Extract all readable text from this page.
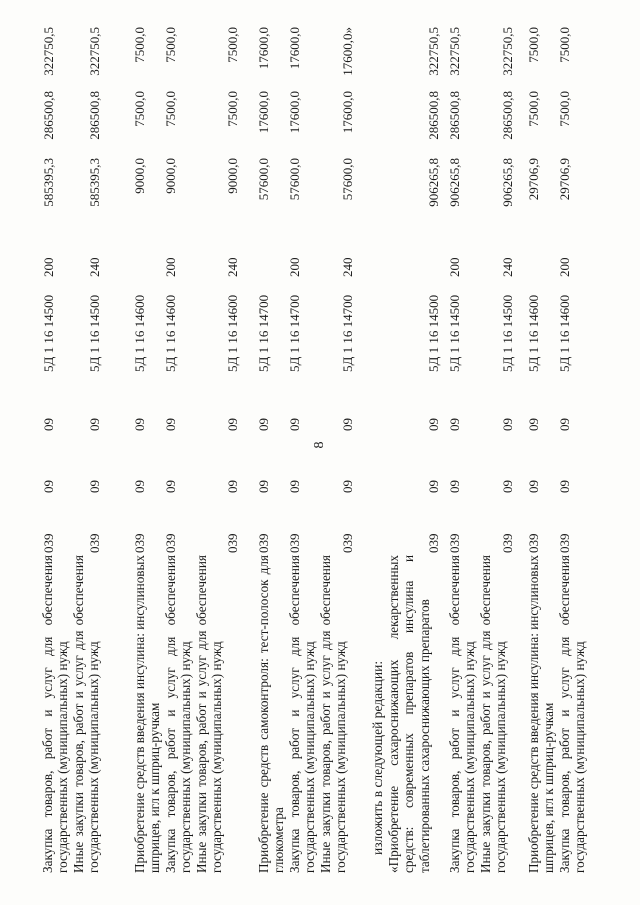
8
Закупка товаров, работ и услуг для обеспечения государственных (муниципальных) нужд Иные закупки товаров, работ и услуг для обеспечения государственных (муниципальных) нужд
039
09
09
5Д 1 16 14500
200
585395,3
286500,8
322750,5
039
09
09
5Д 1 16 14500
240
585395,3
286500,8
322750,5
Приобретение средств введения инсулина: инсулиновых шприцев, игл к шприц-ручкам
039
09
09
5Д 1 16 14600
9000,0
7500,0
7500,0
Закупка товаров, работ и услуг для обеспечения государственных (муниципальных) нужд
039
09
09
5Д 1 16 14600
200
9000,0
7500,0
7500,0
Иные закупки товаров, работ и услуг для обеспечения государственных (муниципальных) нужд
039
09
09
5Д 1 16 14600
240
9000,0
7500,0
7500,0
Приобретение средств самоконтроля: тест-полосок для глюкометра
039
09
09
5Д 1 16 14700
57600,0
17600,0
17600,0
Закупка товаров, работ и услуг для обеспечения государственных (муниципальных) нужд
039
09
09
5Д 1 16 14700
200
57600,0
17600,0
17600,0
Иные закупки товаров, работ и услуг для обеспечения государственных (муниципальных) нужд
039
09
09
5Д 1 16 14700
240
57600,0
17600,0
17600,0»
изложить в следующей редакции: «Приобретение сахароснижающих лекарственных средств: современных препаратов инсулина и таблетированных сахароснижающих препаратов
039
09
09
5Д 1 16 14500
906265,8
286500,8
322750,5
Закупка товаров, работ и услуг для обеспечения государственных (муниципальных) нужд
039
09
09
5Д 1 16 14500
200
906265,8
286500,8
322750,5
Иные закупки товаров, работ и услуг для обеспечения государственных (муниципальных) нужд
039
09
09
5Д 1 16 14500
240
906265,8
286500,8
322750,5
Приобретение средств введения инсулина: инсулиновых шприцев, игл к шприц-ручкам
039
09
09
5Д 1 16 14600
29706,9
7500,0
7500,0
Закупка товаров, работ и услуг для обеспечения государственных (муниципальных) нужд
039
09
09
5Д 1 16 14600
200
29706,9
7500,0
7500,0
